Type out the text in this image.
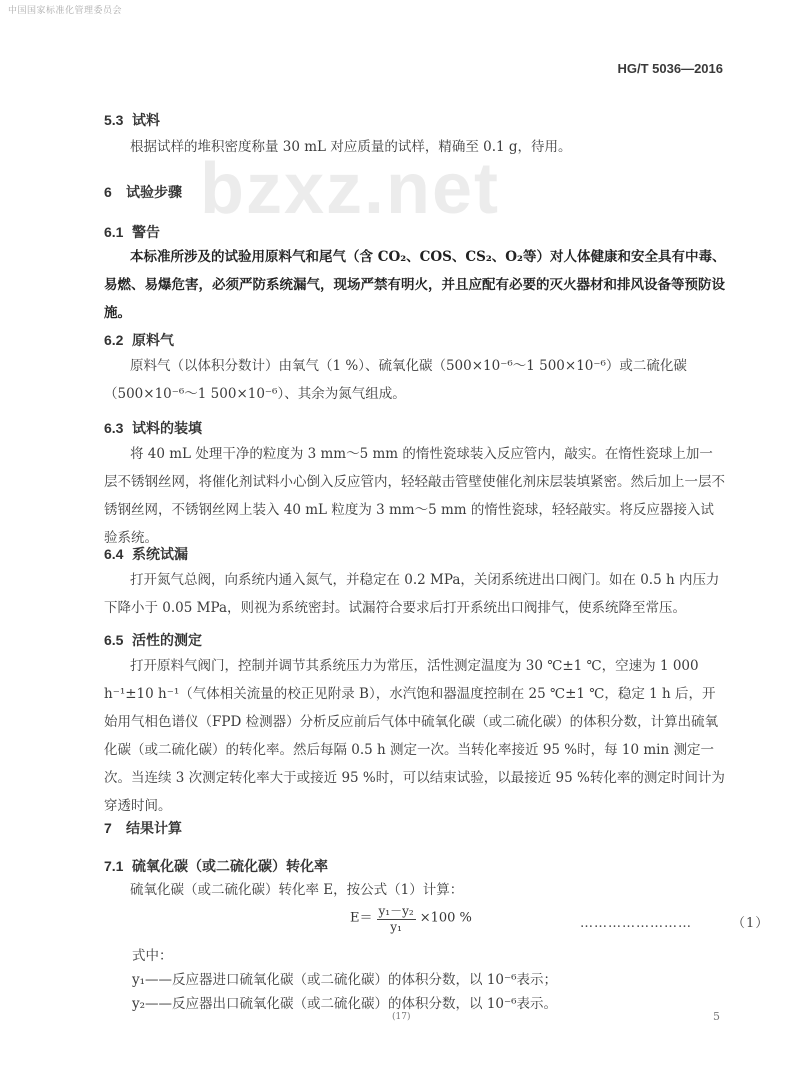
中国国家标准化管理委员会
HG/T 5036—2016
bzxz.net
5.3 试料
根据试样的堆积密度称量 30 mL 对应质量的试样，精确至 0.1 g，待用。
6 试验步骤
6.1 警告
本标准所涉及的试验用原料气和尾气（含 CO₂、COS、CS₂、O₂等）对人体健康和安全具有中毒、易燃、易爆危害，必须严防系统漏气，现场严禁有明火，并且应配有必要的灭火器材和排风设备等预防设施。
6.2 原料气
原料气（以体积分数计）由氧气（1 %）、硫氧化碳（500×10⁻⁶～1 500×10⁻⁶）或二硫化碳（500×10⁻⁶～1 500×10⁻⁶）、其余为氮气组成。
6.3 试料的装填
将 40 mL 处理干净的粒度为 3 mm～5 mm 的惰性瓷球装入反应管内，敲实。在惰性瓷球上加一层不锈钢丝网，将催化剂试料小心倒入反应管内，轻轻敲击管壁使催化剂床层装填紧密。然后加上一层不锈钢丝网，不锈钢丝网上装入 40 mL 粒度为 3 mm～5 mm 的惰性瓷球，轻轻敲实。将反应器接入试验系统。
6.4 系统试漏
打开氮气总阀，向系统内通入氮气，并稳定在 0.2 MPa，关闭系统进出口阀门。如在 0.5 h 内压力下降小于 0.05 MPa，则视为系统密封。试漏符合要求后打开系统出口阀排气，使系统降至常压。
6.5 活性的测定
打开原料气阀门，控制并调节其系统压力为常压，活性测定温度为 30 ℃±1 ℃，空速为 1 000 h⁻¹±10 h⁻¹（气体相关流量的校正见附录 B），水汽饱和器温度控制在 25 ℃±1 ℃，稳定 1 h 后，开始用气相色谱仪（FPD 检测器）分析反应前后气体中硫氧化碳（或二硫化碳）的体积分数，计算出硫氧化碳（或二硫化碳）的转化率。然后每隔 0.5 h 测定一次。当转化率接近 95 %时，每 10 min 测定一次。当连续 3 次测定转化率大于或接近 95 %时，可以结束试验，以最接近 95 %转化率的测定时间计为穿透时间。
7 结果计算
7.1 硫氧化碳（或二硫化碳）转化率
硫氧化碳（或二硫化碳）转化率 E，按公式（1）计算：
$E= \frac{\text{y₁－y₂}}{\text{y₁}} \times 100$ %	……………………	（1）
式中：
y₁——反应器进口硫氧化碳（或二硫化碳）的体积分数，以 10⁻⁶表示；
y₂——反应器出口硫氧化碳（或二硫化碳）的体积分数，以 10⁻⁶表示。
(17)	5
